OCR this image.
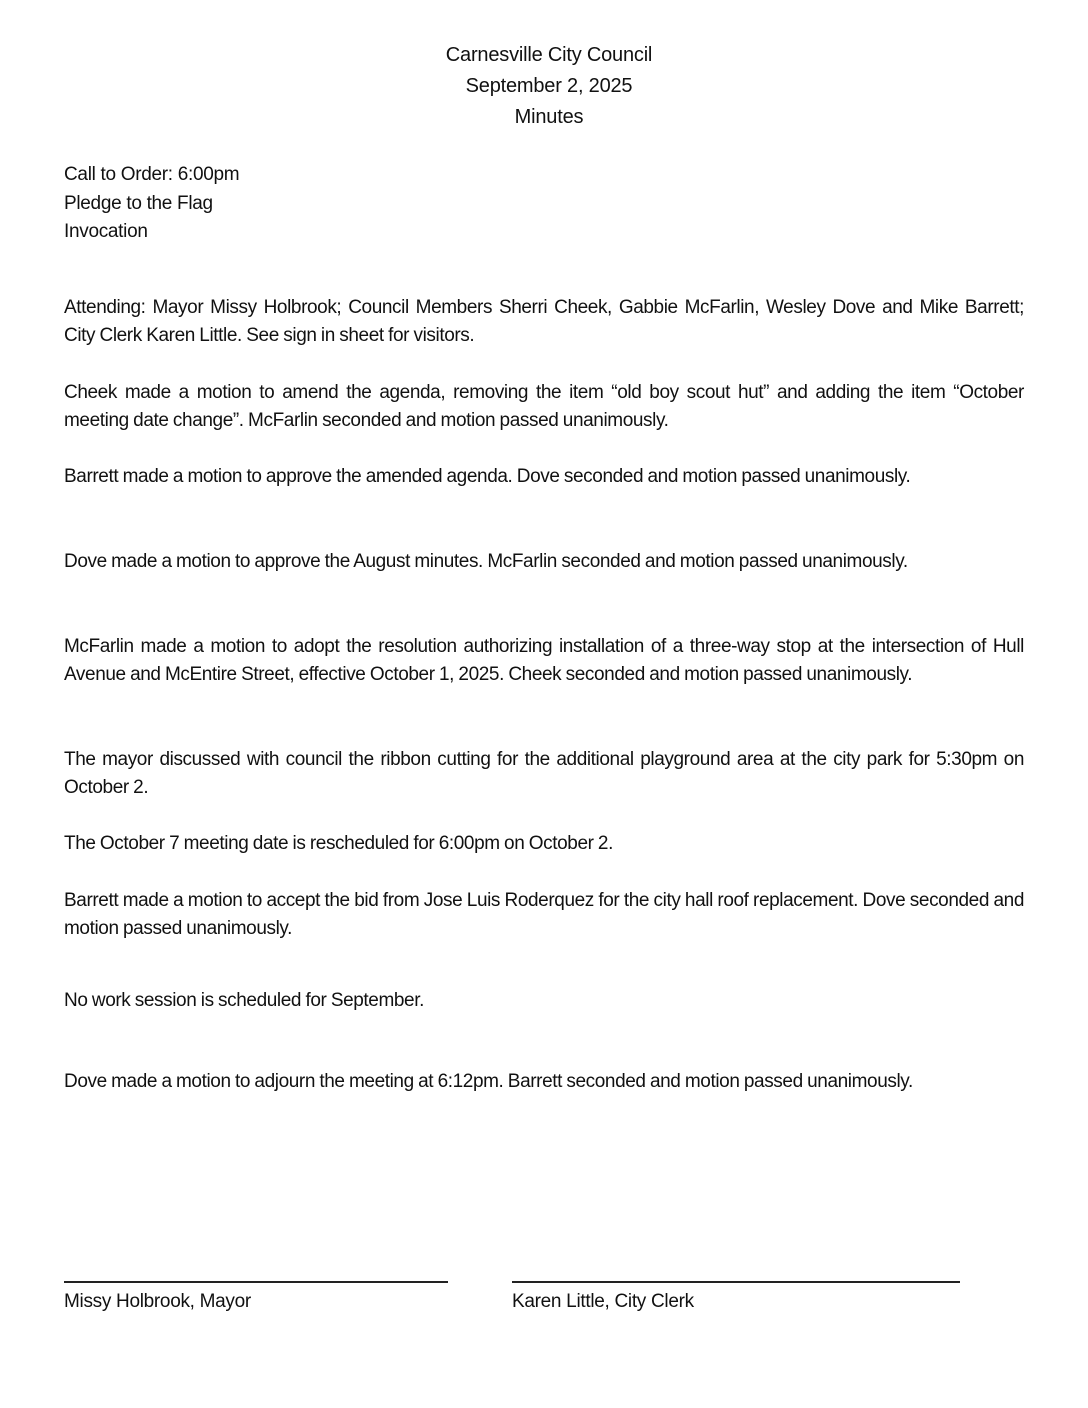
Carnesville City Council
September 2, 2025
Minutes
Call to Order: 6:00pm
Pledge to the Flag
Invocation
Attending: Mayor Missy Holbrook; Council Members Sherri Cheek, Gabbie McFarlin, Wesley Dove and Mike Barrett; City Clerk Karen Little. See sign in sheet for visitors.
Cheek made a motion to amend the agenda, removing the item “old boy scout hut” and adding the item “October meeting date change”. McFarlin seconded and motion passed unanimously.
Barrett made a motion to approve the amended agenda. Dove seconded and motion passed unanimously.
Dove made a motion to approve the August minutes. McFarlin seconded and motion passed unanimously.
McFarlin made a motion to adopt the resolution authorizing installation of a three-way stop at the intersection of Hull Avenue and McEntire Street, effective October 1, 2025. Cheek seconded and motion passed unanimously.
The mayor discussed with council the ribbon cutting for the additional playground area at the city park for 5:30pm on October 2.
The October 7 meeting date is rescheduled for 6:00pm on October 2.
Barrett made a motion to accept the bid from Jose Luis Roderquez for the city hall roof replacement. Dove seconded and motion passed unanimously.
No work session is scheduled for September.
Dove made a motion to adjourn the meeting at 6:12pm. Barrett seconded and motion passed unanimously.
Missy Holbrook, Mayor	Karen Little, City Clerk
